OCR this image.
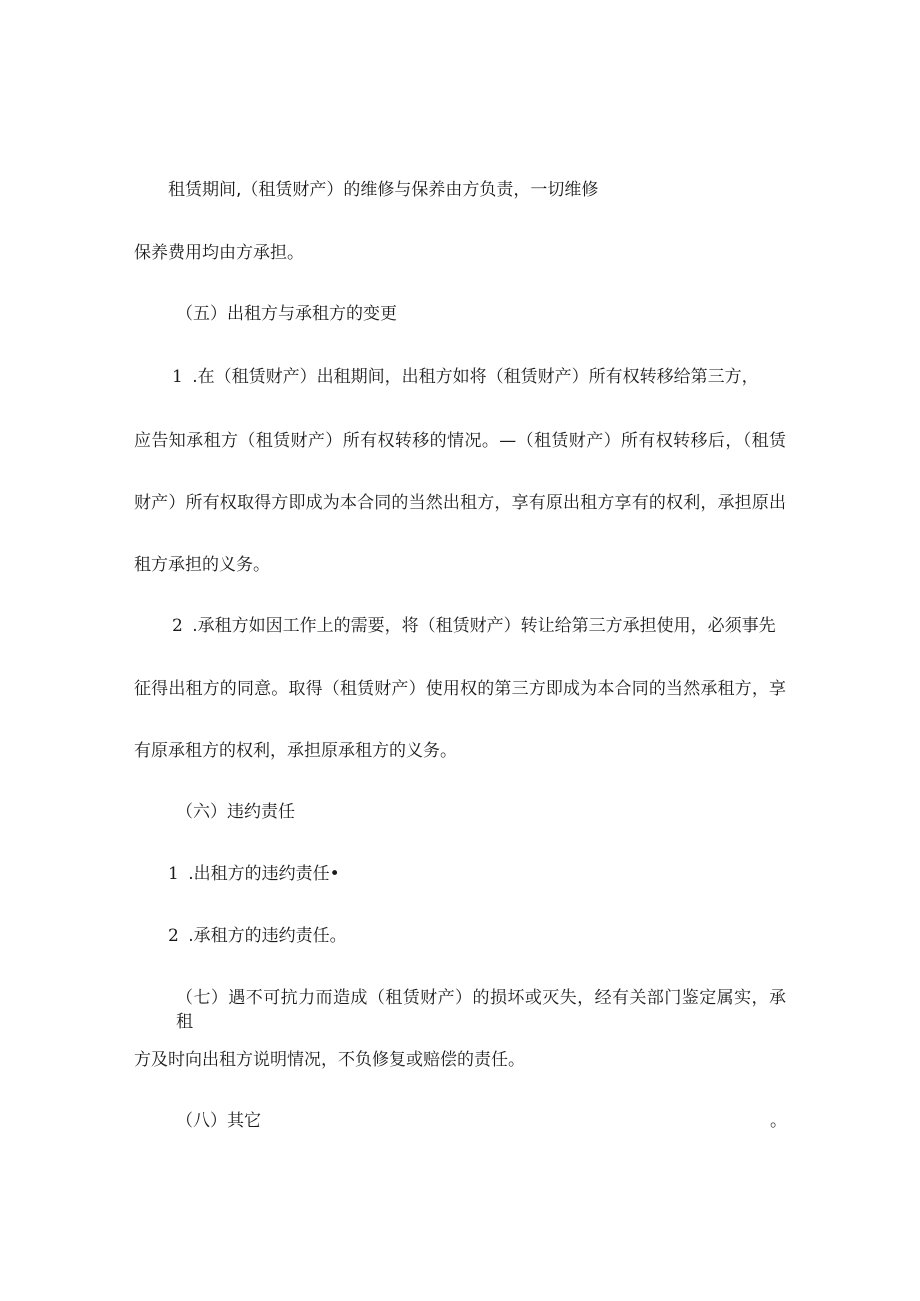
租赁期间,（租赁财产）的维修与保养由方负责，一切维修
保养费用均由方承担。
（五）出租方与承租方的变更
1 .在（租赁财产）出租期间，出租方如将（租赁财产）所有权转移给第三方，
应告知承租方（租赁财产）所有权转移的情况。—（租赁财产）所有权转移后，（租赁
财产）所有权取得方即成为本合同的当然出租方，享有原出租方享有的权利，承担原出
租方承担的义务。
2 .承租方如因工作上的需要，将（租赁财产）转让给第三方承担使用，必须事先
征得出租方的同意。取得（租赁财产）使用权的第三方即成为本合同的当然承租方，享
有原承租方的权利，承担原承租方的义务。
（六）违约责任
1 .出租方的违约责任•
2 .承租方的违约责任。
（七）遇不可抗力而造成（租赁财产）的损坏或灭失，经有关部门鉴定属实，承租
方及时向出租方说明情况，不负修复或赔偿的责任。
（八）其它	。
